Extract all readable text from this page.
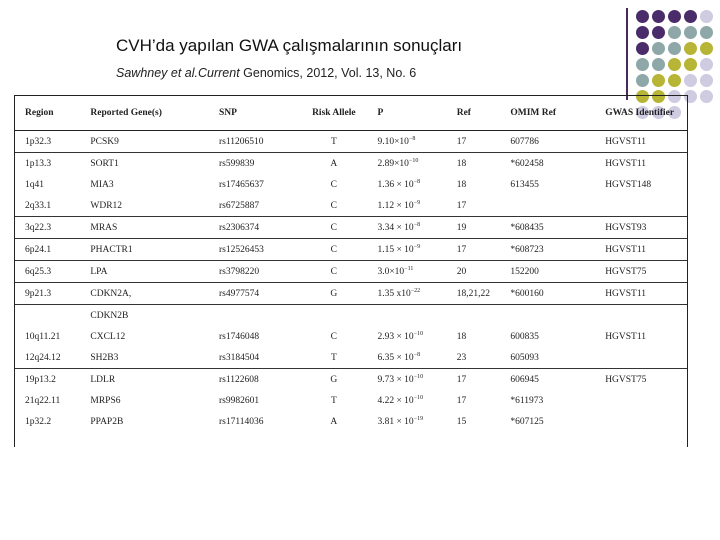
CVH’da yapılan GWA çalışmalarının sonuçları
Sawhney et al.Current Genomics, 2012, Vol. 13, No. 6
Region	Reported Gene(s)	SNP	Risk Allele	P	Ref	OMIM Ref	GWAS Identifier
1p32.3	PCSK9	rs11206510	T	$9.10\times 10^{-8}$	17	607786	HGVST11
1p13.3	SORT1	rs599839	A	$2.89\times 10^{-10}$	18	*602458	HGVST11
1q41	MIA3	rs17465637	C	$1.36 \times 10^{-8}$	18	613455	HGVST148
2q33.1	WDR12	rs6725887	C	$1.12 \times 10^{-9}$	17		
3q22.3	MRAS	rs2306374	C	$3.34 \times 10^{-8}$	19	*608435	HGVST93
6p24.1	PHACTR1	rs12526453	C	$1.15 \times 10^{-9}$	17	*608723	HGVST11
6q25.3	LPA	rs3798220	C	$3.0\times 10^{-11}$	20	152200	HGVST75
9p21.3	CDKN2A,	rs4977574	G	1.35 $x10^{-22}$	18,21,22	*600160	HGVST11
	CDKN2B						
10q11.21	CXCL12	rs1746048	C	$2.93 \times 10^{-10}$	18	600835	HGVST11
12q24.12	SH2B3	rs3184504	T	$6.35 \times 10^{-8}$	23	605093	
19p13.2	LDLR	rs1122608	G	$9.73 \times 10^{-10}$	17	606945	HGVST75
21q22.11	MRPS6	rs9982601	T	$4.22 \times 10^{-10}$	17	*611973	
1p32.2	PPAP2B	rs17114036	A	$3.81 \times 10^{-19}$	15	*607125	
